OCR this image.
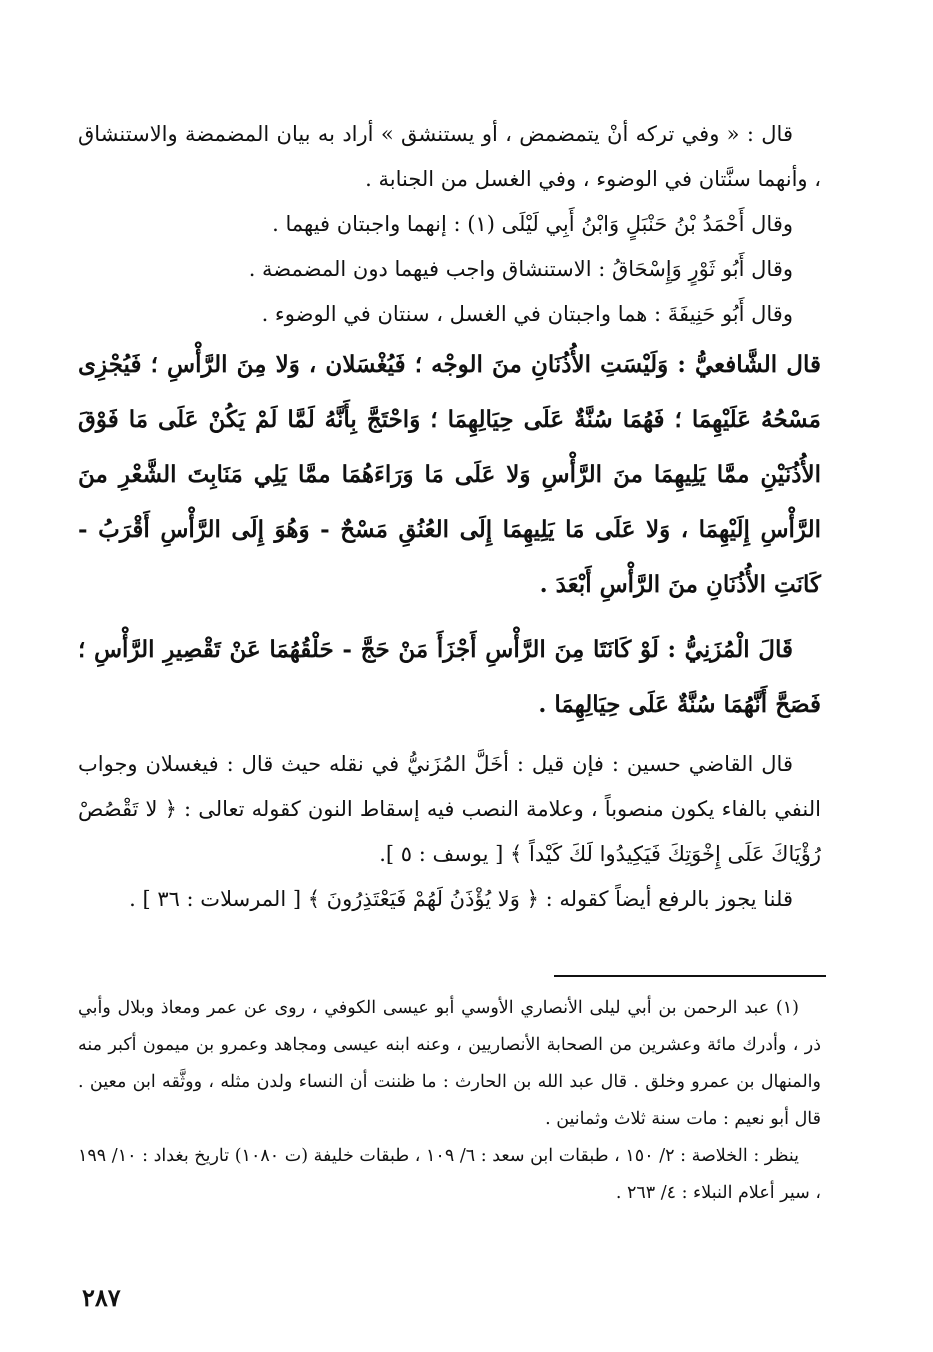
قال : « وفي تركه أنْ يتمضمض ، أو يستنشق » أراد به بيان المضمضة والاستنشاق ، وأنهما سنَّتان في الوضوء ، وفي الغسل من الجنابة .

وقال أَحْمَدُ بْنُ حَنْبَلٍ وَابْنُ أَبِي لَيْلَى (١) : إنهما واجبتان فيهما .

وقال أَبُو ثَوْرٍ وَإِسْحَاقُ : الاستنشاق واجب فيهما دون المضمضة .

وقال أَبُو حَنِيفَةَ : هما واجبتان في الغسل ، سنتان في الوضوء .

قال الشَّافعيُّ : وَلَيْسَتِ الأُذُنَانِ منَ الوجْه ؛ فَيُغْسَلان ، وَلا مِنَ الرَّأْسِ ؛ فَيُجْزِى مَسْحُهُ عَلَيْهِمَا ؛ فَهُمَا سُنَّةٌ عَلَى حِيَالِهِمَا ؛ وَاحْتَجَّ بِأَنَّهُ لَمَّا لَمْ يَكُنْ عَلَى مَا فَوْقَ الأُذُنَيْنِ ممَّا يَلِيهِمَا منَ الرَّأْسِ وَلا عَلَى مَا وَرَاءَهُمَا ممَّا يَلِي مَنَابِتَ الشَّعْرِ منَ الرَّأْسِ إِلَيْهِمَا ، وَلا عَلَى مَا يَلِيهِمَا إِلَى العُنُقِ مَسْحٌ - وَهُوَ إِلَى الرَّأْسِ أَقْرَبُ - كَانَتِ الأُذُنَانِ منَ الرَّأْسِ أَبْعَدَ .

قَالَ الْمُزَنِيُّ : لَوْ كَانَتَا مِنَ الرَّأْسِ أَجْزَأَ مَنْ حَجَّ - حَلْقُهُمَا عَنْ تَقْصِيرِ الرَّأْسِ ؛ فَصَحَّ أَنَّهُمَا سُنَّةٌ عَلَى حِيَالِهِمَا .

قال القاضي حسين : فإن قيل : أخَلَّ المُزَنيُّ في نقله حيث قال : فيغسلان وجواب النفي بالفاء يكون منصوباً ، وعلامة النصب فيه إسقاط النون كقوله تعالى : ﴿ لا تَقْصُصْ رُؤْيَاكَ عَلَى إِخْوَتِكَ فَيَكِيدُوا لَكَ كَيْداً ﴾ [ يوسف : ٥ ].

قلنا يجوز بالرفع أيضاً كقوله : ﴿ وَلا يُؤْذَنُ لَهُمْ فَيَعْتَذِرُونَ ﴾ [ المرسلات : ٣٦ ] .

(١) عبد الرحمن بن أبي ليلى الأنصاري الأوسي أبو عيسى الكوفي ، روى عن عمر ومعاذ وبلال وأبي ذر ، وأدرك مائة وعشرين من الصحابة الأنصاريين ، وعنه ابنه عيسى ومجاهد وعمرو بن ميمون أكبر منه والمنهال بن عمرو وخلق . قال عبد الله بن الحارث : ما ظننت أن النساء ولدن مثله ، ووثَّقه ابن معين . قال أبو نعيم : مات سنة ثلاث وثمانين .

ينظر : الخلاصة : ٢/ ١٥٠ ، طبقات ابن سعد : ٦/ ١٠٩ ، طبقات خليفة (ت ١٠٨٠) تاريخ بغداد : ١٠/ ١٩٩ ، سير أعلام النبلاء : ٤/ ٢٦٣ .

٢٨٧
